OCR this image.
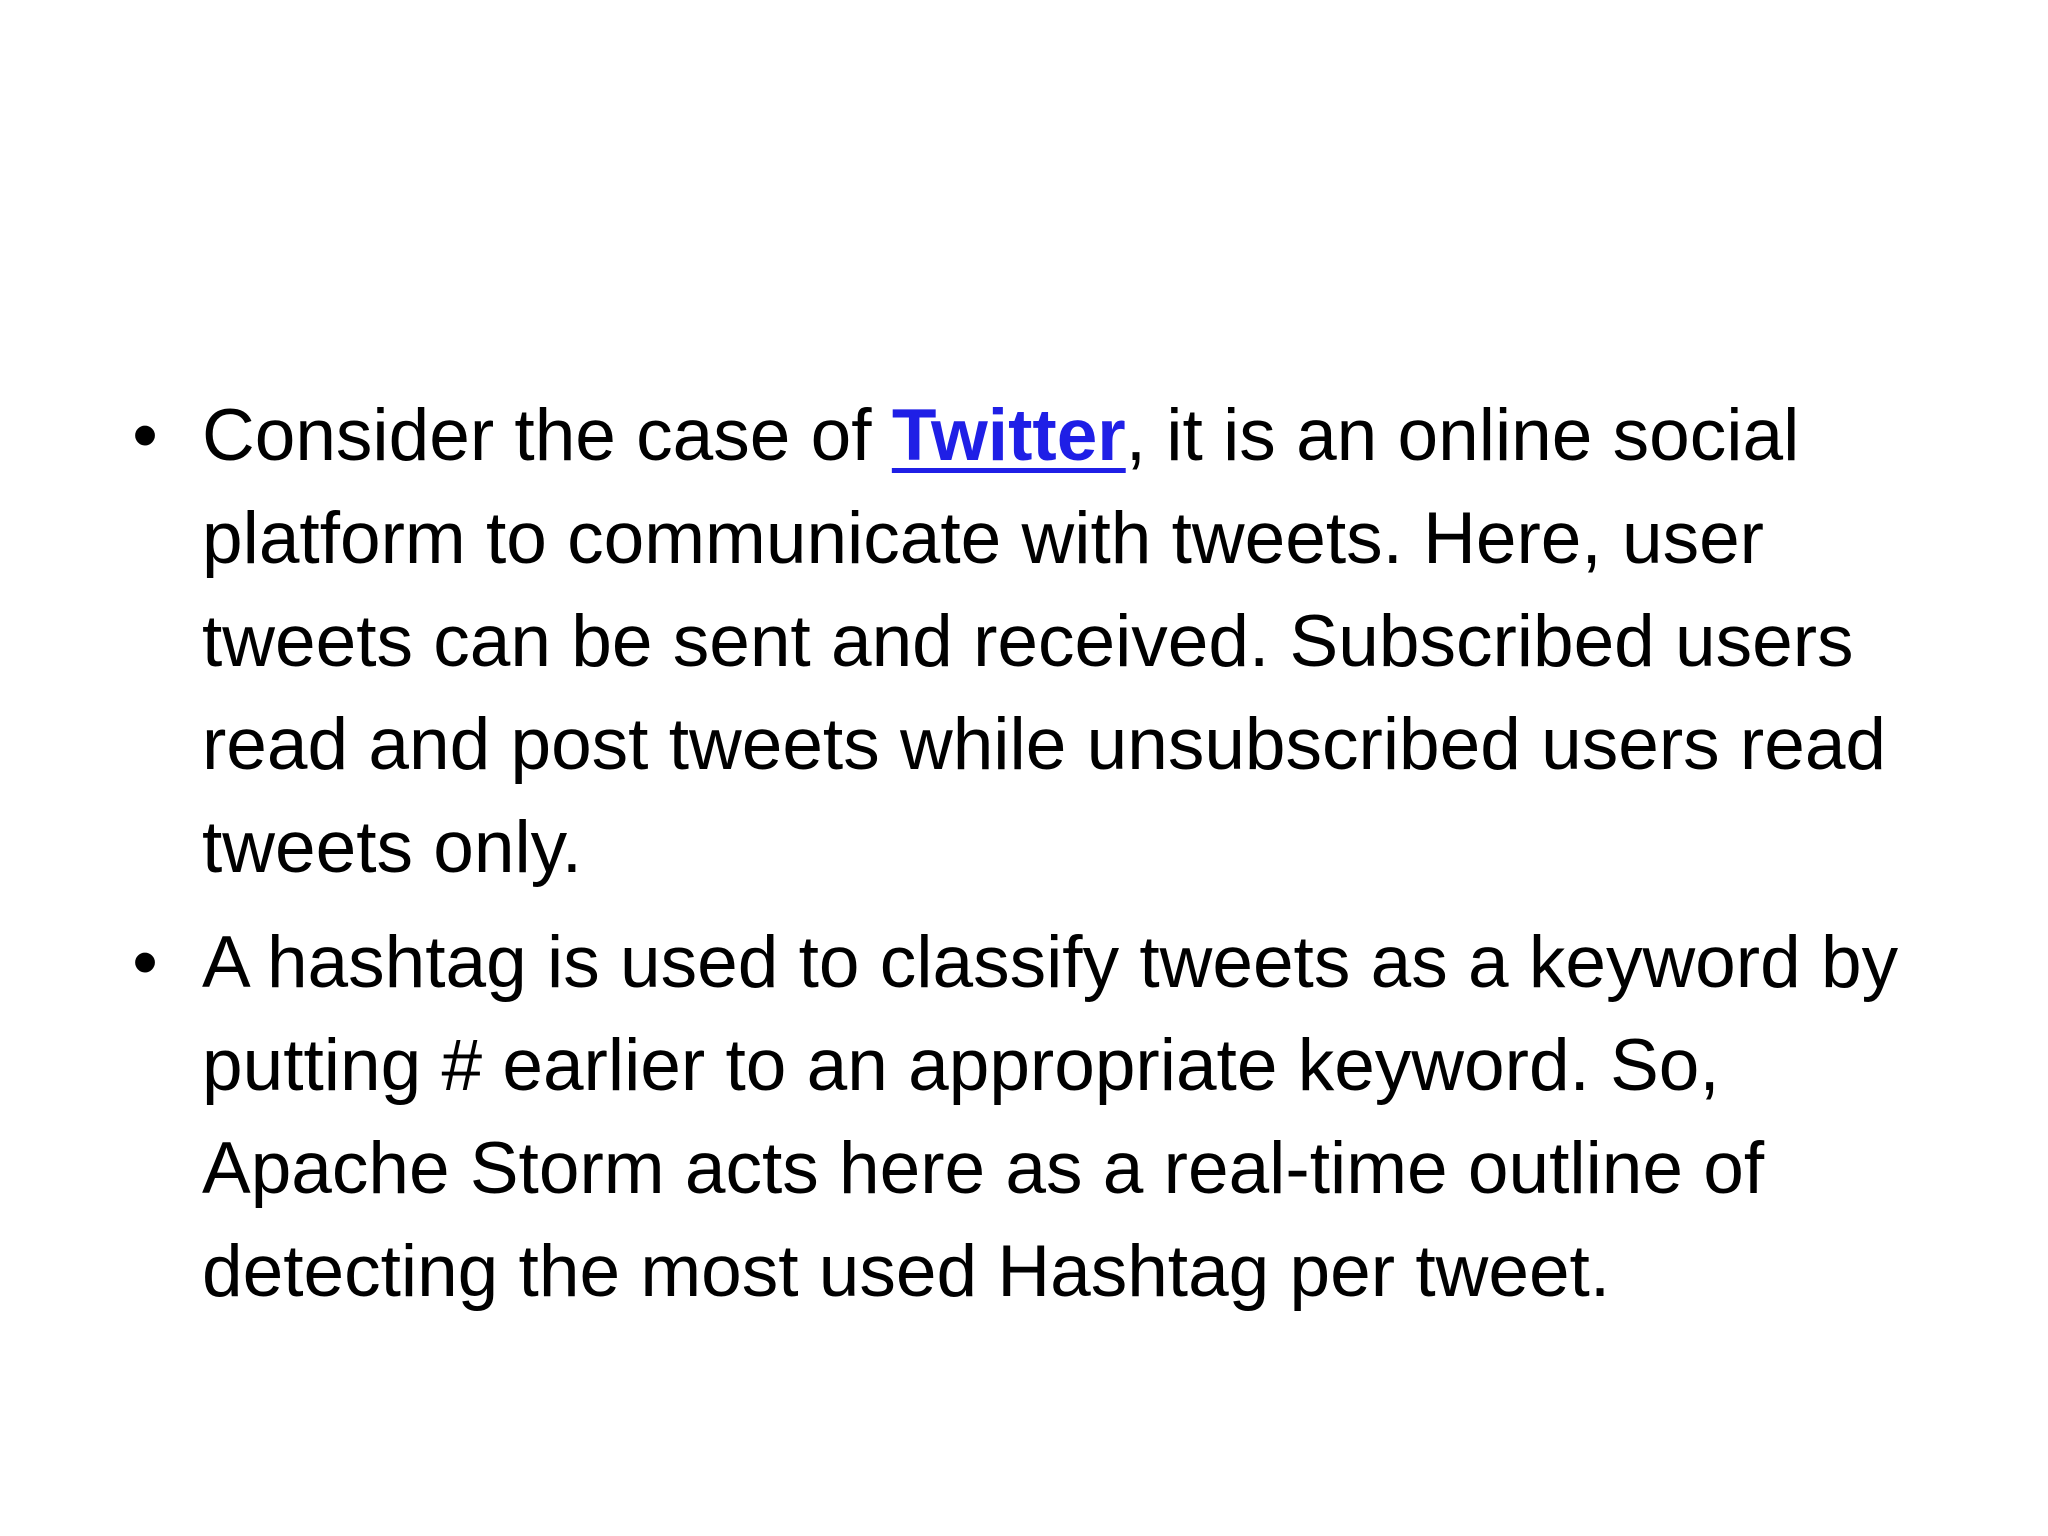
• Consider the case of Twitter, it is an online social platform to communicate with tweets. Here, user tweets can be sent and received. Subscribed users read and post tweets while unsubscribed users read tweets only.
• A hashtag is used to classify tweets as a keyword by putting # earlier to an appropriate keyword. So, Apache Storm acts here as a real-time outline of detecting the most used Hashtag per tweet.
